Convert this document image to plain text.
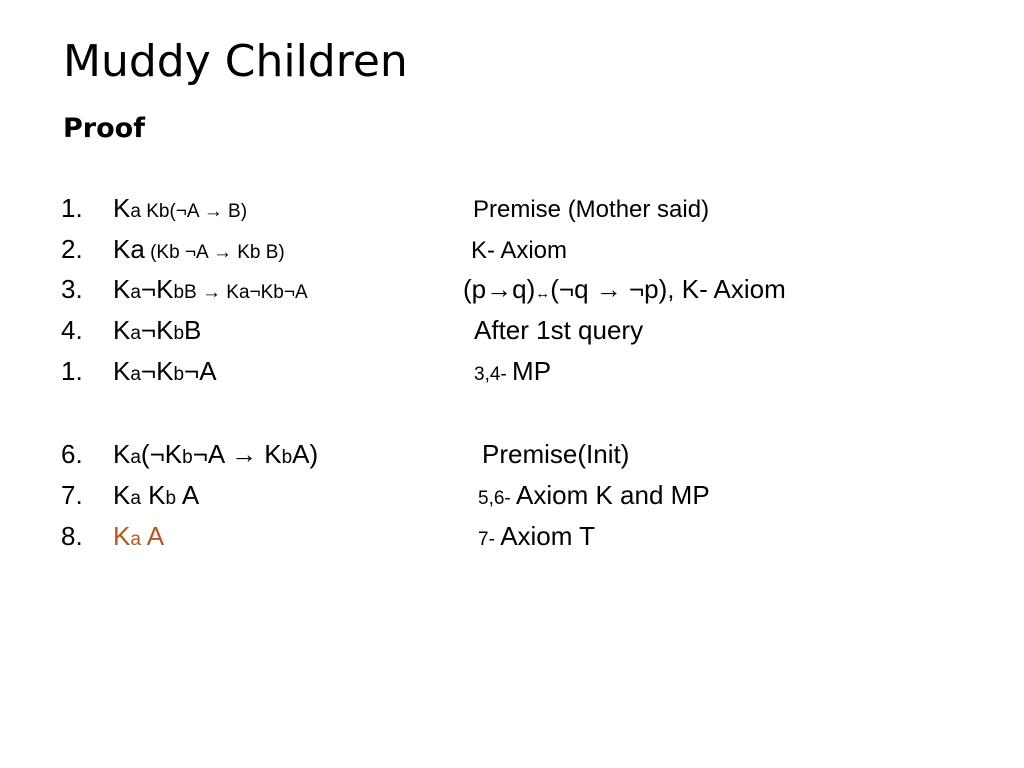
Muddy Children
Proof
1. Ka Kb(¬A → B)	Premise (Mother said)
2. Ka (Kb ¬A → Kb B)	K- Axiom
3. Ka¬KbB → Ka¬Kb¬A	(p→q)↔(¬q → ¬p), K- Axiom
4. Ka¬KbB	After 1st query
1. Ka¬Kb¬A	3,4- MP
6. Ka(¬Kb¬A → KbA)	Premise(Init)
7. Ka Kb A	5,6- Axiom K and MP
8. Ka A	7- Axiom T
